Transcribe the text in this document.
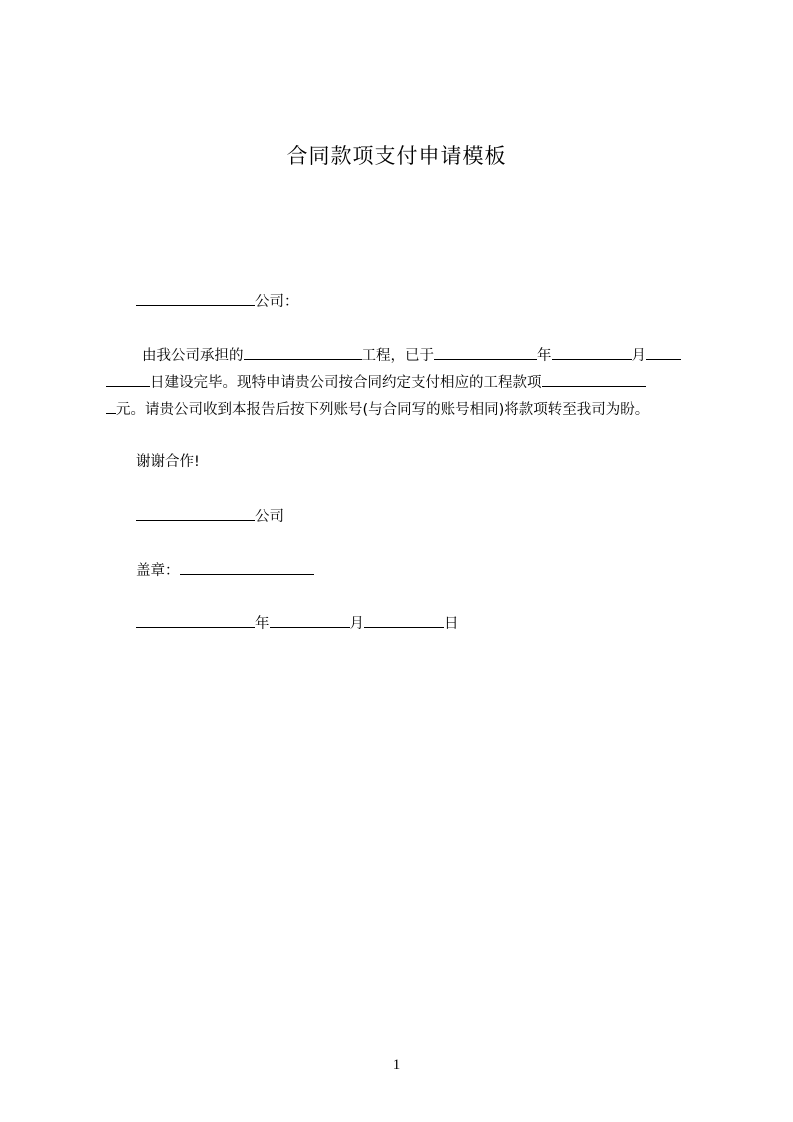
合同款项支付申请模板
公司：
由我公司承担的	工程，已于	年	月
日建设完毕。现特申请贵公司按合同约定支付相应的工程款项
元。请贵公司收到本报告后按下列账号(与合同写的账号相同)将款项转至我司为盼。
谢谢合作!
公司
盖章：
年	月	日
1
